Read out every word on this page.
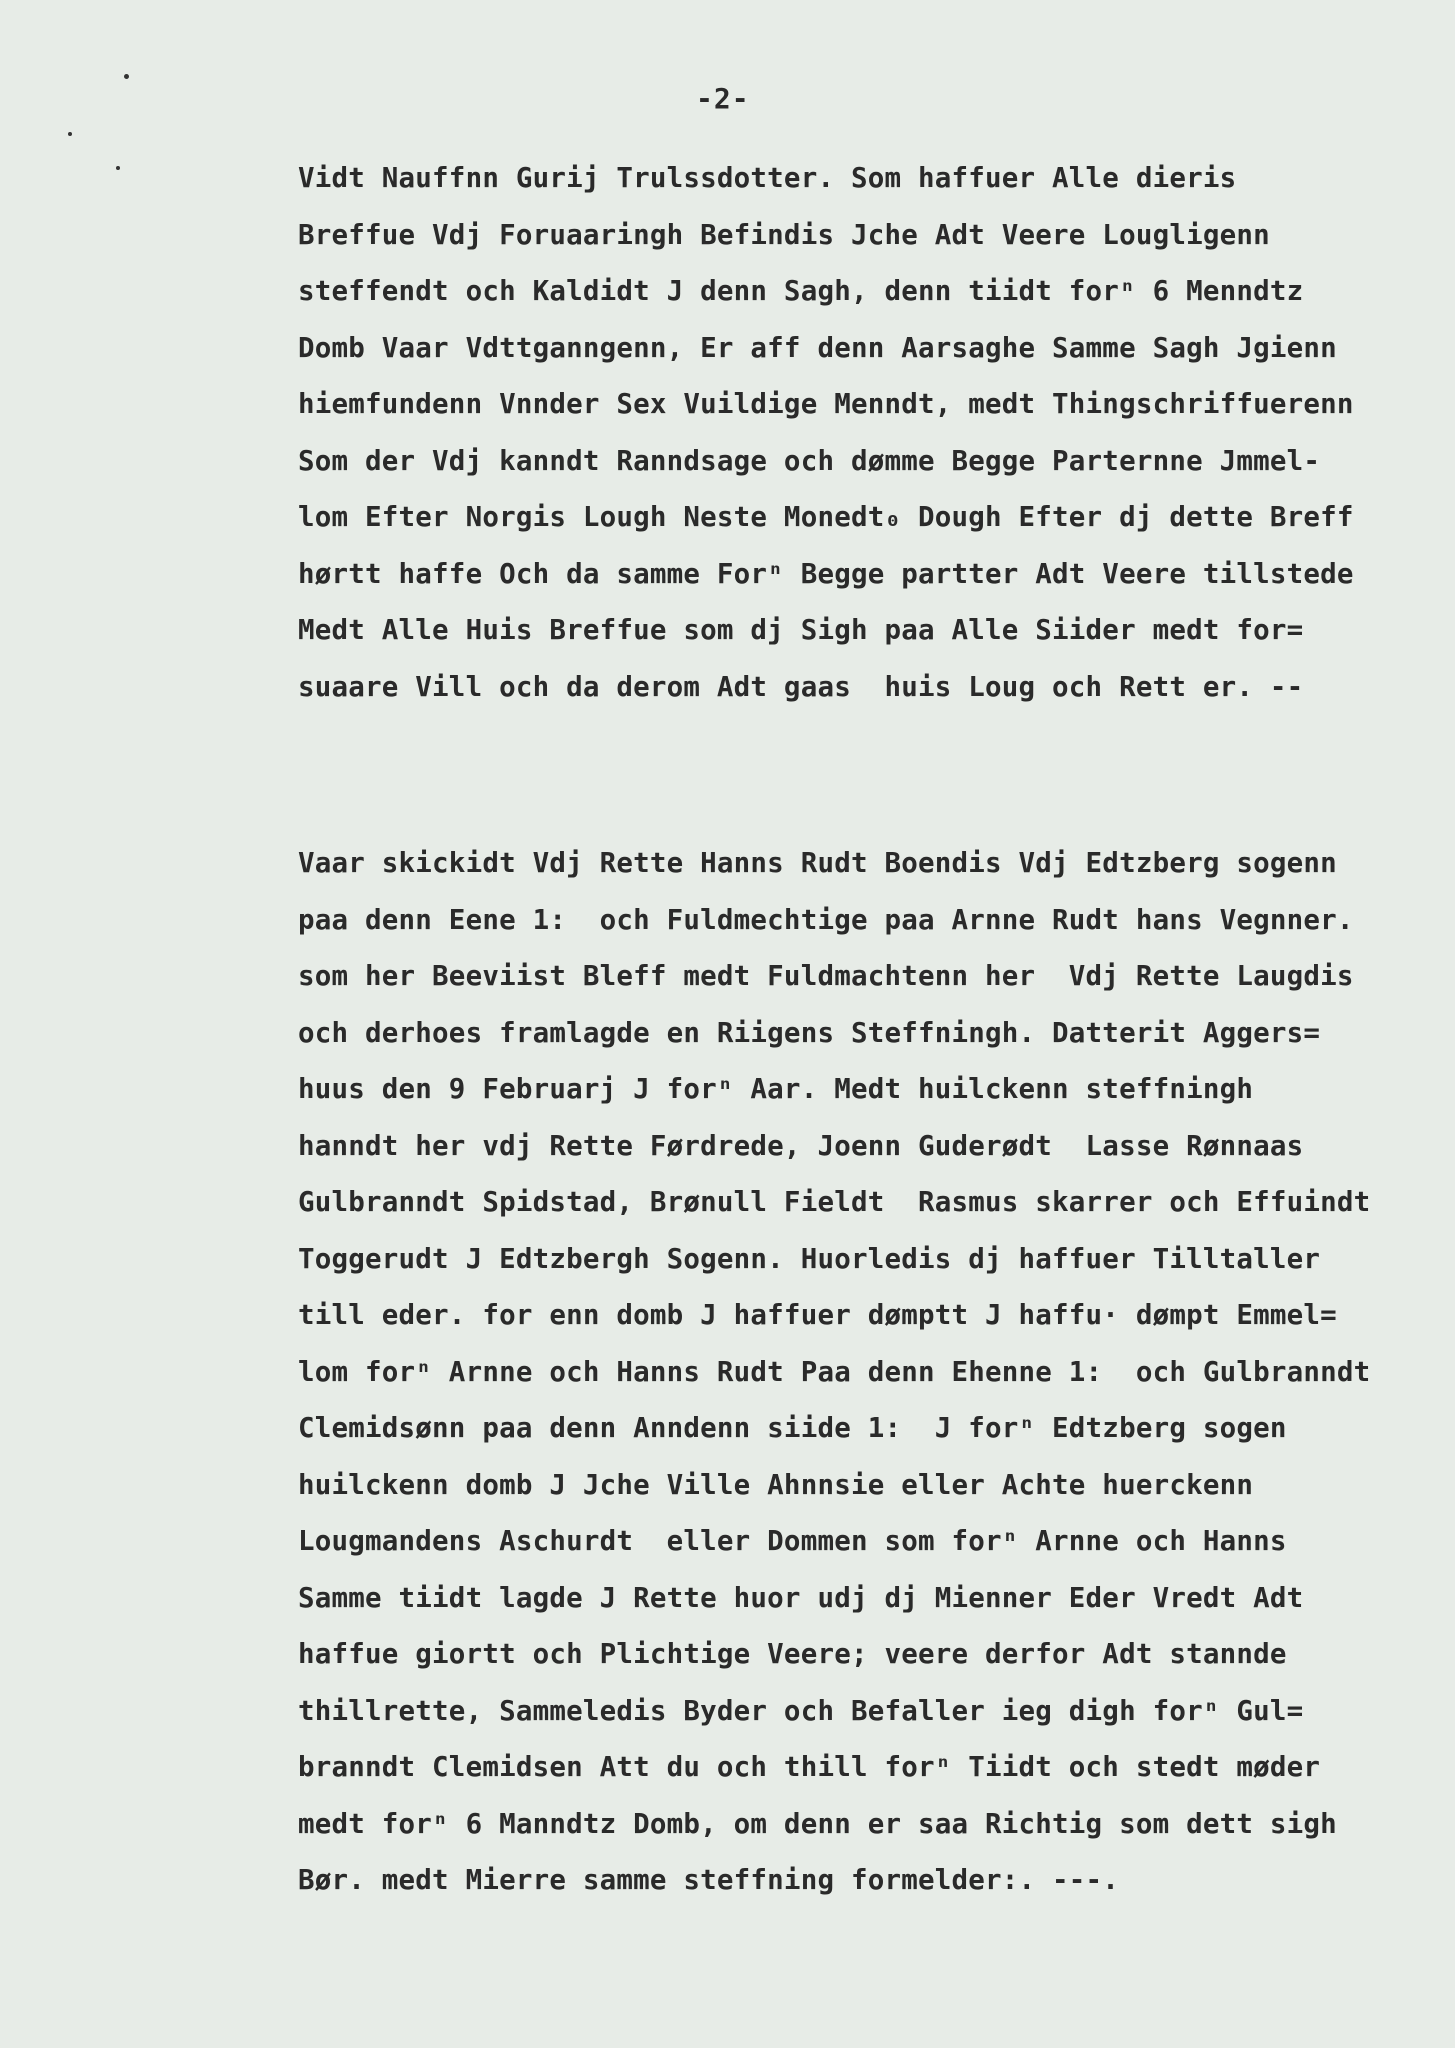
-2-
Vidt Nauffnn Gurij Trulssdotter. Som haffuer Alle dieris
Breffue Vdj Foruaaringh Befindis Jche Adt Veere Lougligenn
steffendt och Kaldidt J denn Sagh, denn tiidt forⁿ 6 Menndtz
Domb Vaar Vdttganngenn, Er aff denn Aarsaghe Samme Sagh Jgienn
hiemfundenn Vnnder Sex Vuildige Menndt, medt Thingschriffuerenn
Som der Vdj kanndt Ranndsage och dømme Begge Parternne Jmmel-
lom Efter Norgis Lough Neste Monedt₀ Dough Efter dj dette Breff
hørtt haffe Och da samme Forⁿ Begge partter Adt Veere tillstede
Medt Alle Huis Breffue som dj Sigh paa Alle Siider medt for=
suaare Vill och da derom Adt gaas  huis Loug och Rett er. --
Vaar skickidt Vdj Rette Hanns Rudt Boendis Vdj Edtzberg sogenn
paa denn Eene 1:  och Fuldmechtige paa Arnne Rudt hans Vegnner.
som her Beeviist Bleff medt Fuldmachtenn her  Vdj Rette Laugdis
och derhoes framlagde en Riigens Steffningh. Datterit Aggers=
huus den 9 Februarj J forⁿ Aar. Medt huilckenn steffningh
hanndt her vdj Rette Førdrede, Joenn Guderødt  Lasse Rønnaas
Gulbranndt Spidstad, Brønull Fieldt  Rasmus skarrer och Effuindt
Toggerudt J Edtzbergh Sogenn. Huorledis dj haffuer Tilltaller
till eder. for enn domb J haffuer dømptt J haffu· dømpt Emmel=
lom forⁿ Arnne och Hanns Rudt Paa denn Ehenne 1:  och Gulbranndt
Clemidsønn paa denn Anndenn siide 1:  J forⁿ Edtzberg sogen
huilckenn domb J Jche Ville Ahnnsie eller Achte huerckenn
Lougmandens Aschurdt  eller Dommen som forⁿ Arnne och Hanns
Samme tiidt lagde J Rette huor udj dj Mienner Eder Vredt Adt
haffue giortt och Plichtige Veere; veere derfor Adt stannde
thillrette, Sammeledis Byder och Befaller ieg digh forⁿ Gul=
branndt Clemidsen Att du och thill forⁿ Tiidt och stedt møder
medt forⁿ 6 Manndtz Domb, om denn er saa Richtig som dett sigh
Bør. medt Mierre samme steffning formelder:. ---.
